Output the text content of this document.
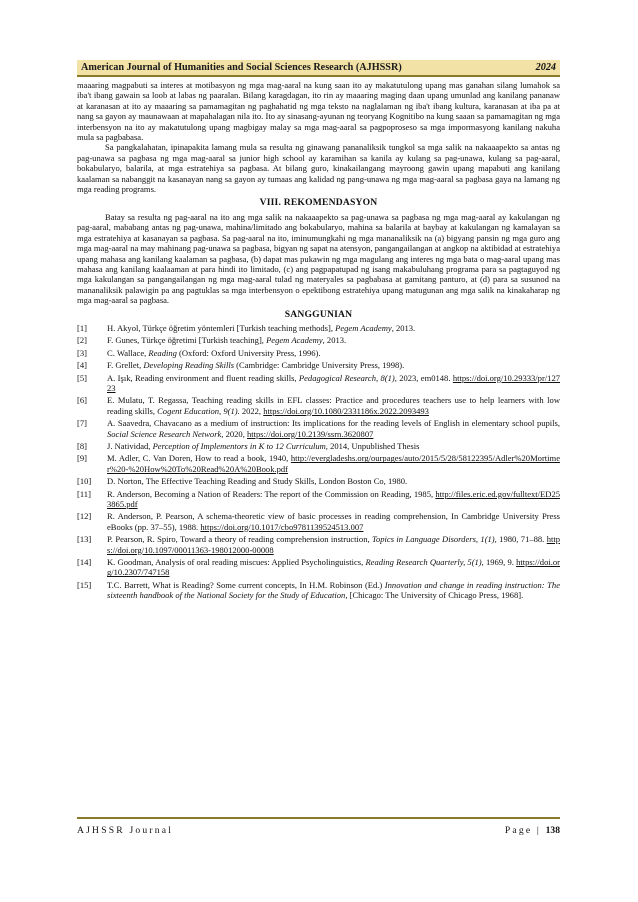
American Journal of Humanities and Social Sciences Research (AJHSSR)	2024

maaaring magpabuti sa interes at motibasyon ng mga mag-aaral na kung saan ito ay makatutulong upang mas ganahan silang lumahok sa iba't ibang gawain sa loob at labas ng paaralan. Bilang karagdagan, ito rin ay maaaring maging daan upang umunlad ang kanilang pananaw at karanasan at ito ay maaaring sa pamamagitan ng paghahatid ng mga teksto na naglalaman ng iba't ibang kultura, karanasan at iba pa at nang sa gayon ay maunawaan at mapahalagan nila ito. Ito ay sinasang-ayunan ng teoryang Kognitibo na kung saaan sa pamamagitan ng mga interbensyon na ito ay makatutulong upang magbigay malay sa mga mag-aaral sa pagpoproseso sa mga impormasyong kanilang nakuha mula sa pagbabasa.

Sa pangkalahatan, ipinapakita lamang mula sa resulta ng ginawang pananaliksik tungkol sa mga salik na nakaaapekto sa antas ng pag-unawa sa pagbasa ng mga mag-aaral sa junior high school ay karamihan sa kanila ay kulang sa pag-unawa, kulang sa pag-aaral, bokabularyo, balarila, at mga estratehiya sa pagbasa. At bilang guro, kinakailangang mayroong gawin upang mapabuti ang kanilang kaalaman sa nabanggit na kasanayan nang sa gayon ay tumaas ang kalidad ng pang-unawa ng mga mag-aaral sa pagbasa gaya na lamang ng mga reading programs.

VIII. REKOMENDASYON

Batay sa resulta ng pag-aaral na ito ang mga salik na nakaaapekto sa pag-unawa sa pagbasa ng mga mag-aaral ay kakulangan ng pag-aaral, mababang antas ng pag-unawa, mahina/limitado ang bokabularyo, mahina sa balarila at baybay at kakulangan ng kamalayan sa mga estratehiya at kasanayan sa pagbasa. Sa pag-aaral na ito, iminumungkahi ng mga mananaliksik na (a) bigyang pansin ng mga guro ang mga mag-aaral na may mahinang pag-unawa sa pagbasa, bigyan ng sapat na atensyon, pangangailangan at angkop na aktibidad at estratehiya upang mahasa ang kanilang kaalaman sa pagbasa, (b) dapat mas pukawin ng mga magulang ang interes ng mga bata o mag-aaral upang mas mahasa ang kanilang kaalaaman at para hindi ito limitado, (c) ang pagpapatupad ng isang makabuluhang programa para sa pagtaguyod ng mga kakulangan sa pangangailangan ng mga mag-aaral tulad ng materyales sa pagbabasa at gamitang panturo, at (d) para sa susunod na mananaliksik palawigin pa ang pagtuklas sa mga interbensyon o epektibong estratehiya upang matugunan ang mga salik na kinakaharap ng mga mag-aaral sa pagbasa.

SANGGUNIAN
[1]	H. Akyol, Türkçe öğretim yöntemleri [Turkish teaching methods], Pegem Academy, 2013.
[2]	F. Gunes, Türkçe öğretimi [Turkish teaching], Pegem Academy, 2013.
[3]	C. Wallace, Reading (Oxford: Oxford University Press, 1996).
[4]	F. Grellet, Developing Reading Skills (Cambridge: Cambridge University Press, 1998).
[5]	A. Işık, Reading environment and fluent reading skills, Pedagogical Research, 8(1), 2023, em0148. https://doi.org/10.29333/pr/12723
[6]	E. Mulatu, T. Regassa, Teaching reading skills in EFL classes: Practice and procedures teachers use to help learners with low reading skills, Cogent Education, 9(1). 2022, https://doi.org/10.1080/2331186x.2022.2093493
[7]	A. Saavedra, Chavacano as a medium of instruction: Its implications for the reading levels of English in elementary school pupils, Social Science Research Network, 2020, https://doi.org/10.2139/ssrn.3620807
[8]	J. Natividad, Perception of Implementors in K to 12 Curriculum, 2014, Unpublished Thesis
[9]	M. Adler, C. Van Doren, How to read a book, 1940, http://evergladeshs.org/ourpages/auto/2015/5/28/58122395/Adler%20Mortimer%20-%20How%20To%20Read%20A%20Book.pdf
[10]	D. Norton, The Effective Teaching Reading and Study Skills, London Boston Co, 1980.
[11]	R. Anderson, Becoming a Nation of Readers: The report of the Commission on Reading, 1985, http://files.eric.ed.gov/fulltext/ED253865.pdf
[12]	R. Anderson, P. Pearson, A schema-theoretic view of basic processes in reading comprehension, In Cambridge University Press eBooks (pp. 37–55), 1988. https://doi.org/10.1017/cbo9781139524513.007
[13]	P. Pearson, R. Spiro, Toward a theory of reading comprehension instruction, Topics in Language Disorders, 1(1), 1980, 71–88. https://doi.org/10.1097/00011363-198012000-00008
[14]	K. Goodman, Analysis of oral reading miscues: Applied Psycholinguistics, Reading Research Quarterly, 5(1), 1969, 9. https://doi.org/10.2307/747158
[15]	T.C. Barrett, What is Reading? Some current concepts, In H.M. Robinson (Ed.) Innovation and change in reading instruction: The sixteenth handbook of the National Society for the Study of Education, [Chicago: The University of Chicago Press, 1968].
AJHSSR Journal	Page | 138
